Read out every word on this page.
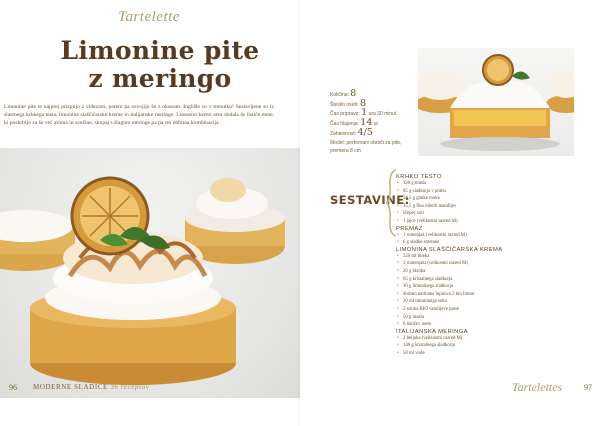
Tartelette
Limonine pite
z meringo

Limonine pite te najprej prizgujo z videzom, potem pa osvojijo še z okusom. Inglišle so v trenutku! Sestavljene so iz slastnega krhkega testa, limonine slaščičarske kreme in italijanske meringe. Limonini kremi sem dodala še lističe mete, ki poskrbijo za še več aroma in svežine, skupaj s šlagom meringe pa pa res dobitna kombinacija.

96 MODERNE SLADICE 36 receptov
Količina: 8
Število oseb: 8
Čas priprave: 1 ura 30 minut
Čas hlajenja: 14 ur
Zahtevnost: 4/5
Model: perforirani obroči za pite, premera 8 cm
SESTAVINE:
KRHKO TESTO
• 120 g masla
• 85 g sladkorja v prahu
• 24,5 g glatke moke
• 35,5 g fino mletih mandljev
• ščepec soli
• 1 jajce (velikostni razred M)
PREMAZ
• 1 rumenjak (velikostni razred M)
• 6 g sladke smetane
LIMONINA SLAŠČIČARSKA KREMA
• 220 ml mleka
• 3 rumenjaki (velikostni razred M)
• 20 g škroba
• 65 g kristalnega sladkorja
• 10 g limoninega sladkorja
• drobno naribana lupinica 2 bio limon
• 20 ml limoninega soka
• 2 stroka BIO vanilijeve paste
• 50 g masla
• 6 lističev mete
ITALIJANSKA MERINGA
• 2 beljaka (velikostni razred M)
• 140 g kristalnega sladkorja
• 50 ml vode
Tartelettes	97
